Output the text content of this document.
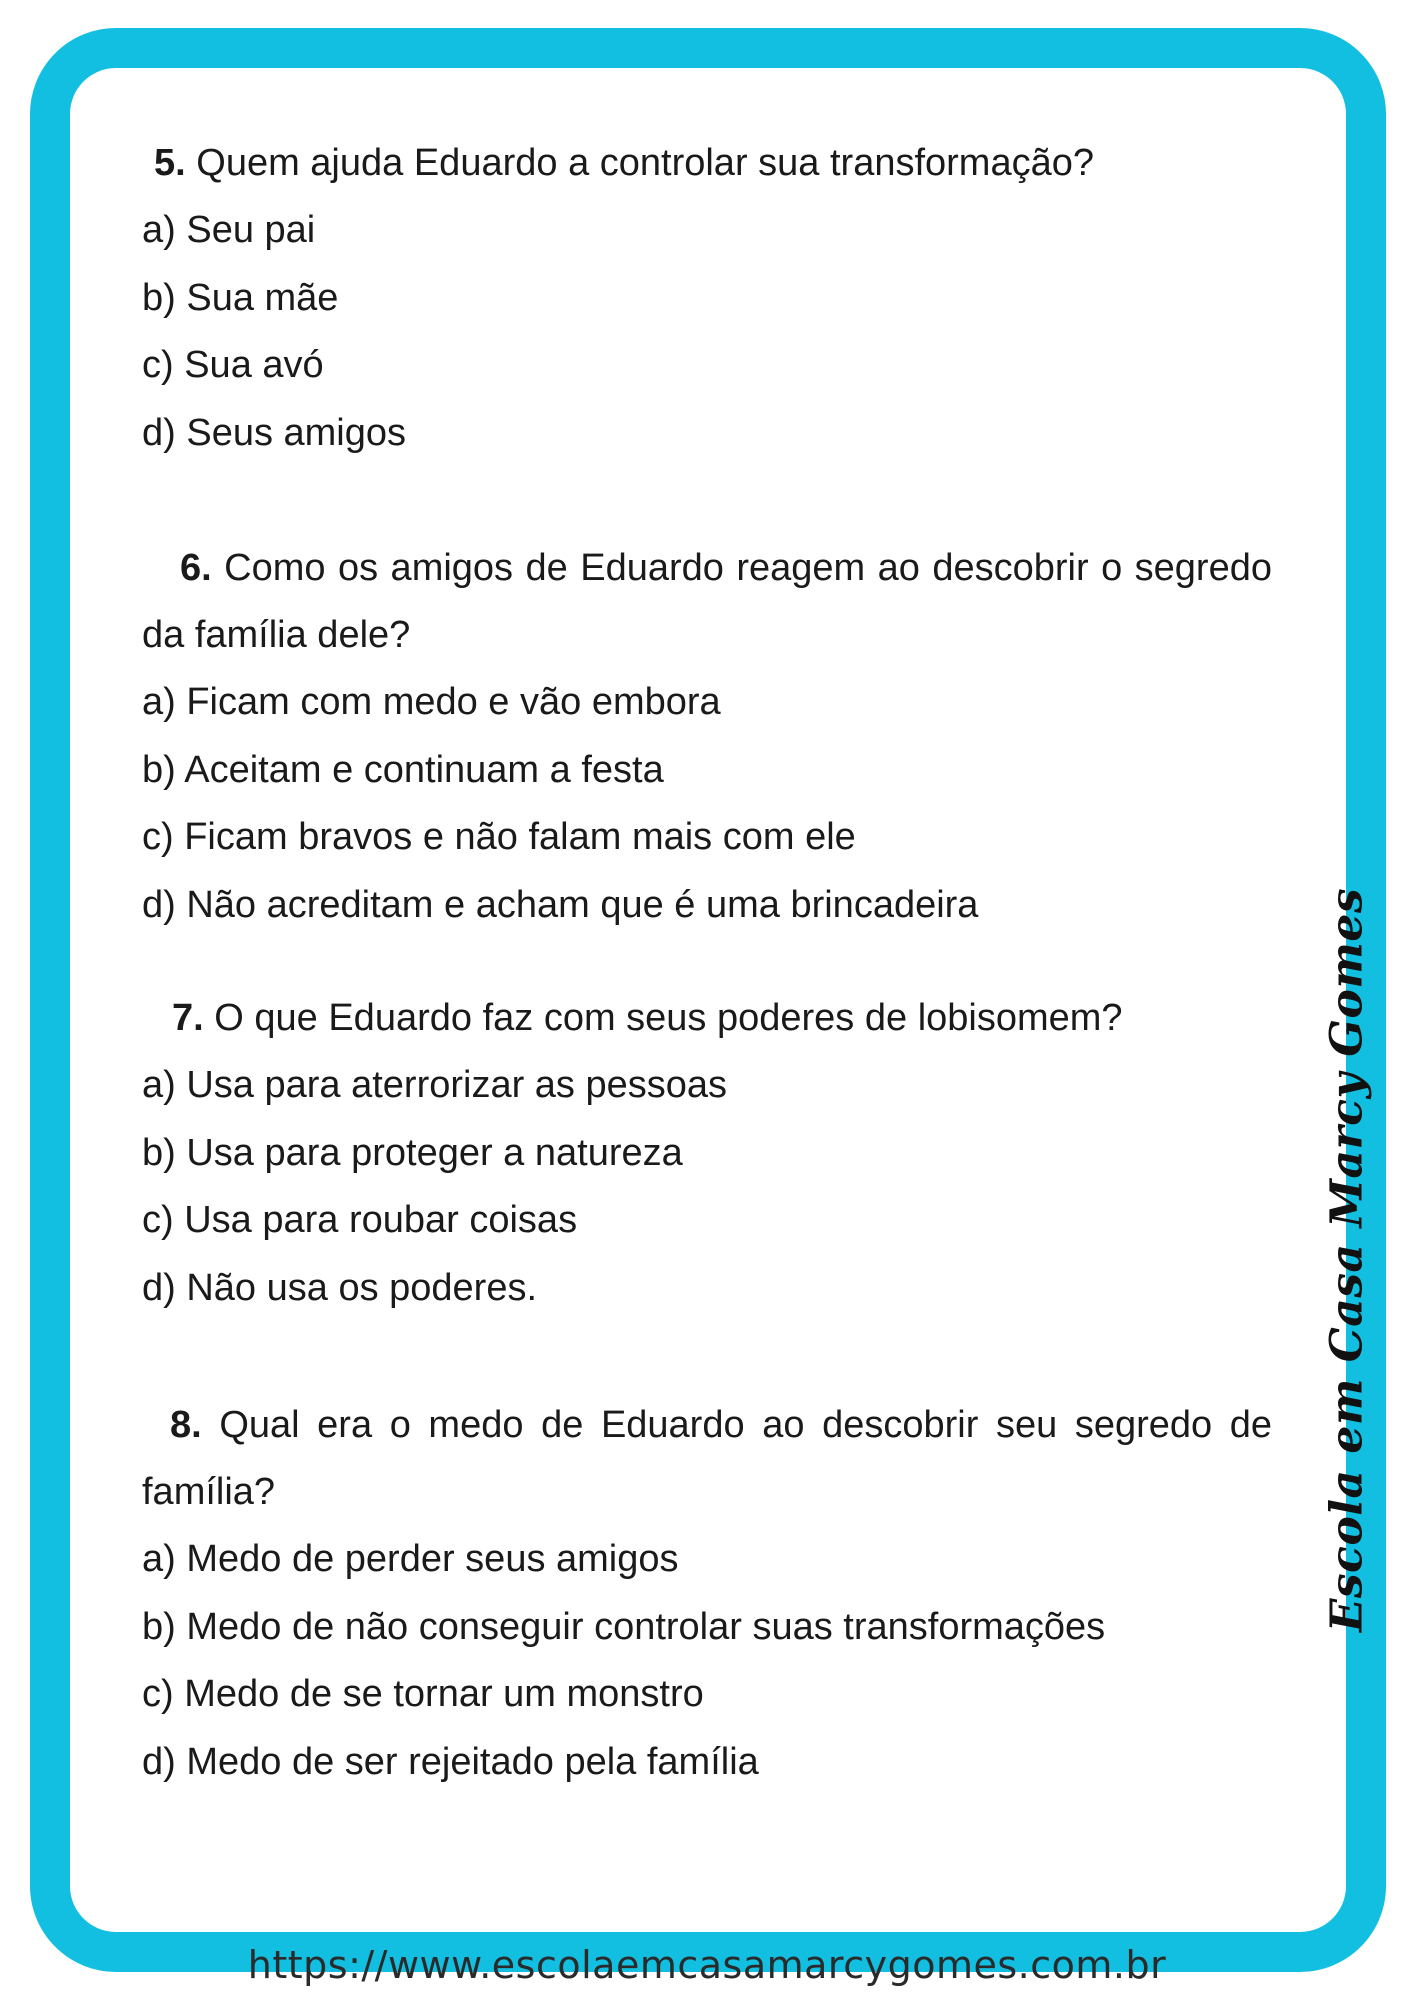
5. Quem ajuda Eduardo a controlar sua transformação?

a) Seu pai

b) Sua mãe

c) Sua avó

d) Seus amigos

6. Como os amigos de Eduardo reagem ao descobrir o segredo da família dele?

a) Ficam com medo e vão embora

b) Aceitam e continuam a festa

c) Ficam bravos e não falam mais com ele

d) Não acreditam e acham que é uma brincadeira

7. O que Eduardo faz com seus poderes de lobisomem?

a) Usa para aterrorizar as pessoas

b) Usa para proteger a natureza

c) Usa para roubar coisas

d) Não usa os poderes.

8. Qual era o medo de Eduardo ao descobrir seu segredo de família?

a) Medo de perder seus amigos

b) Medo de não conseguir controlar suas transformações

c) Medo de se tornar um monstro

d) Medo de ser rejeitado pela família

Escola em Casa Marcy Gomes
https://www.escolaemcasamarcygomes.com.br
